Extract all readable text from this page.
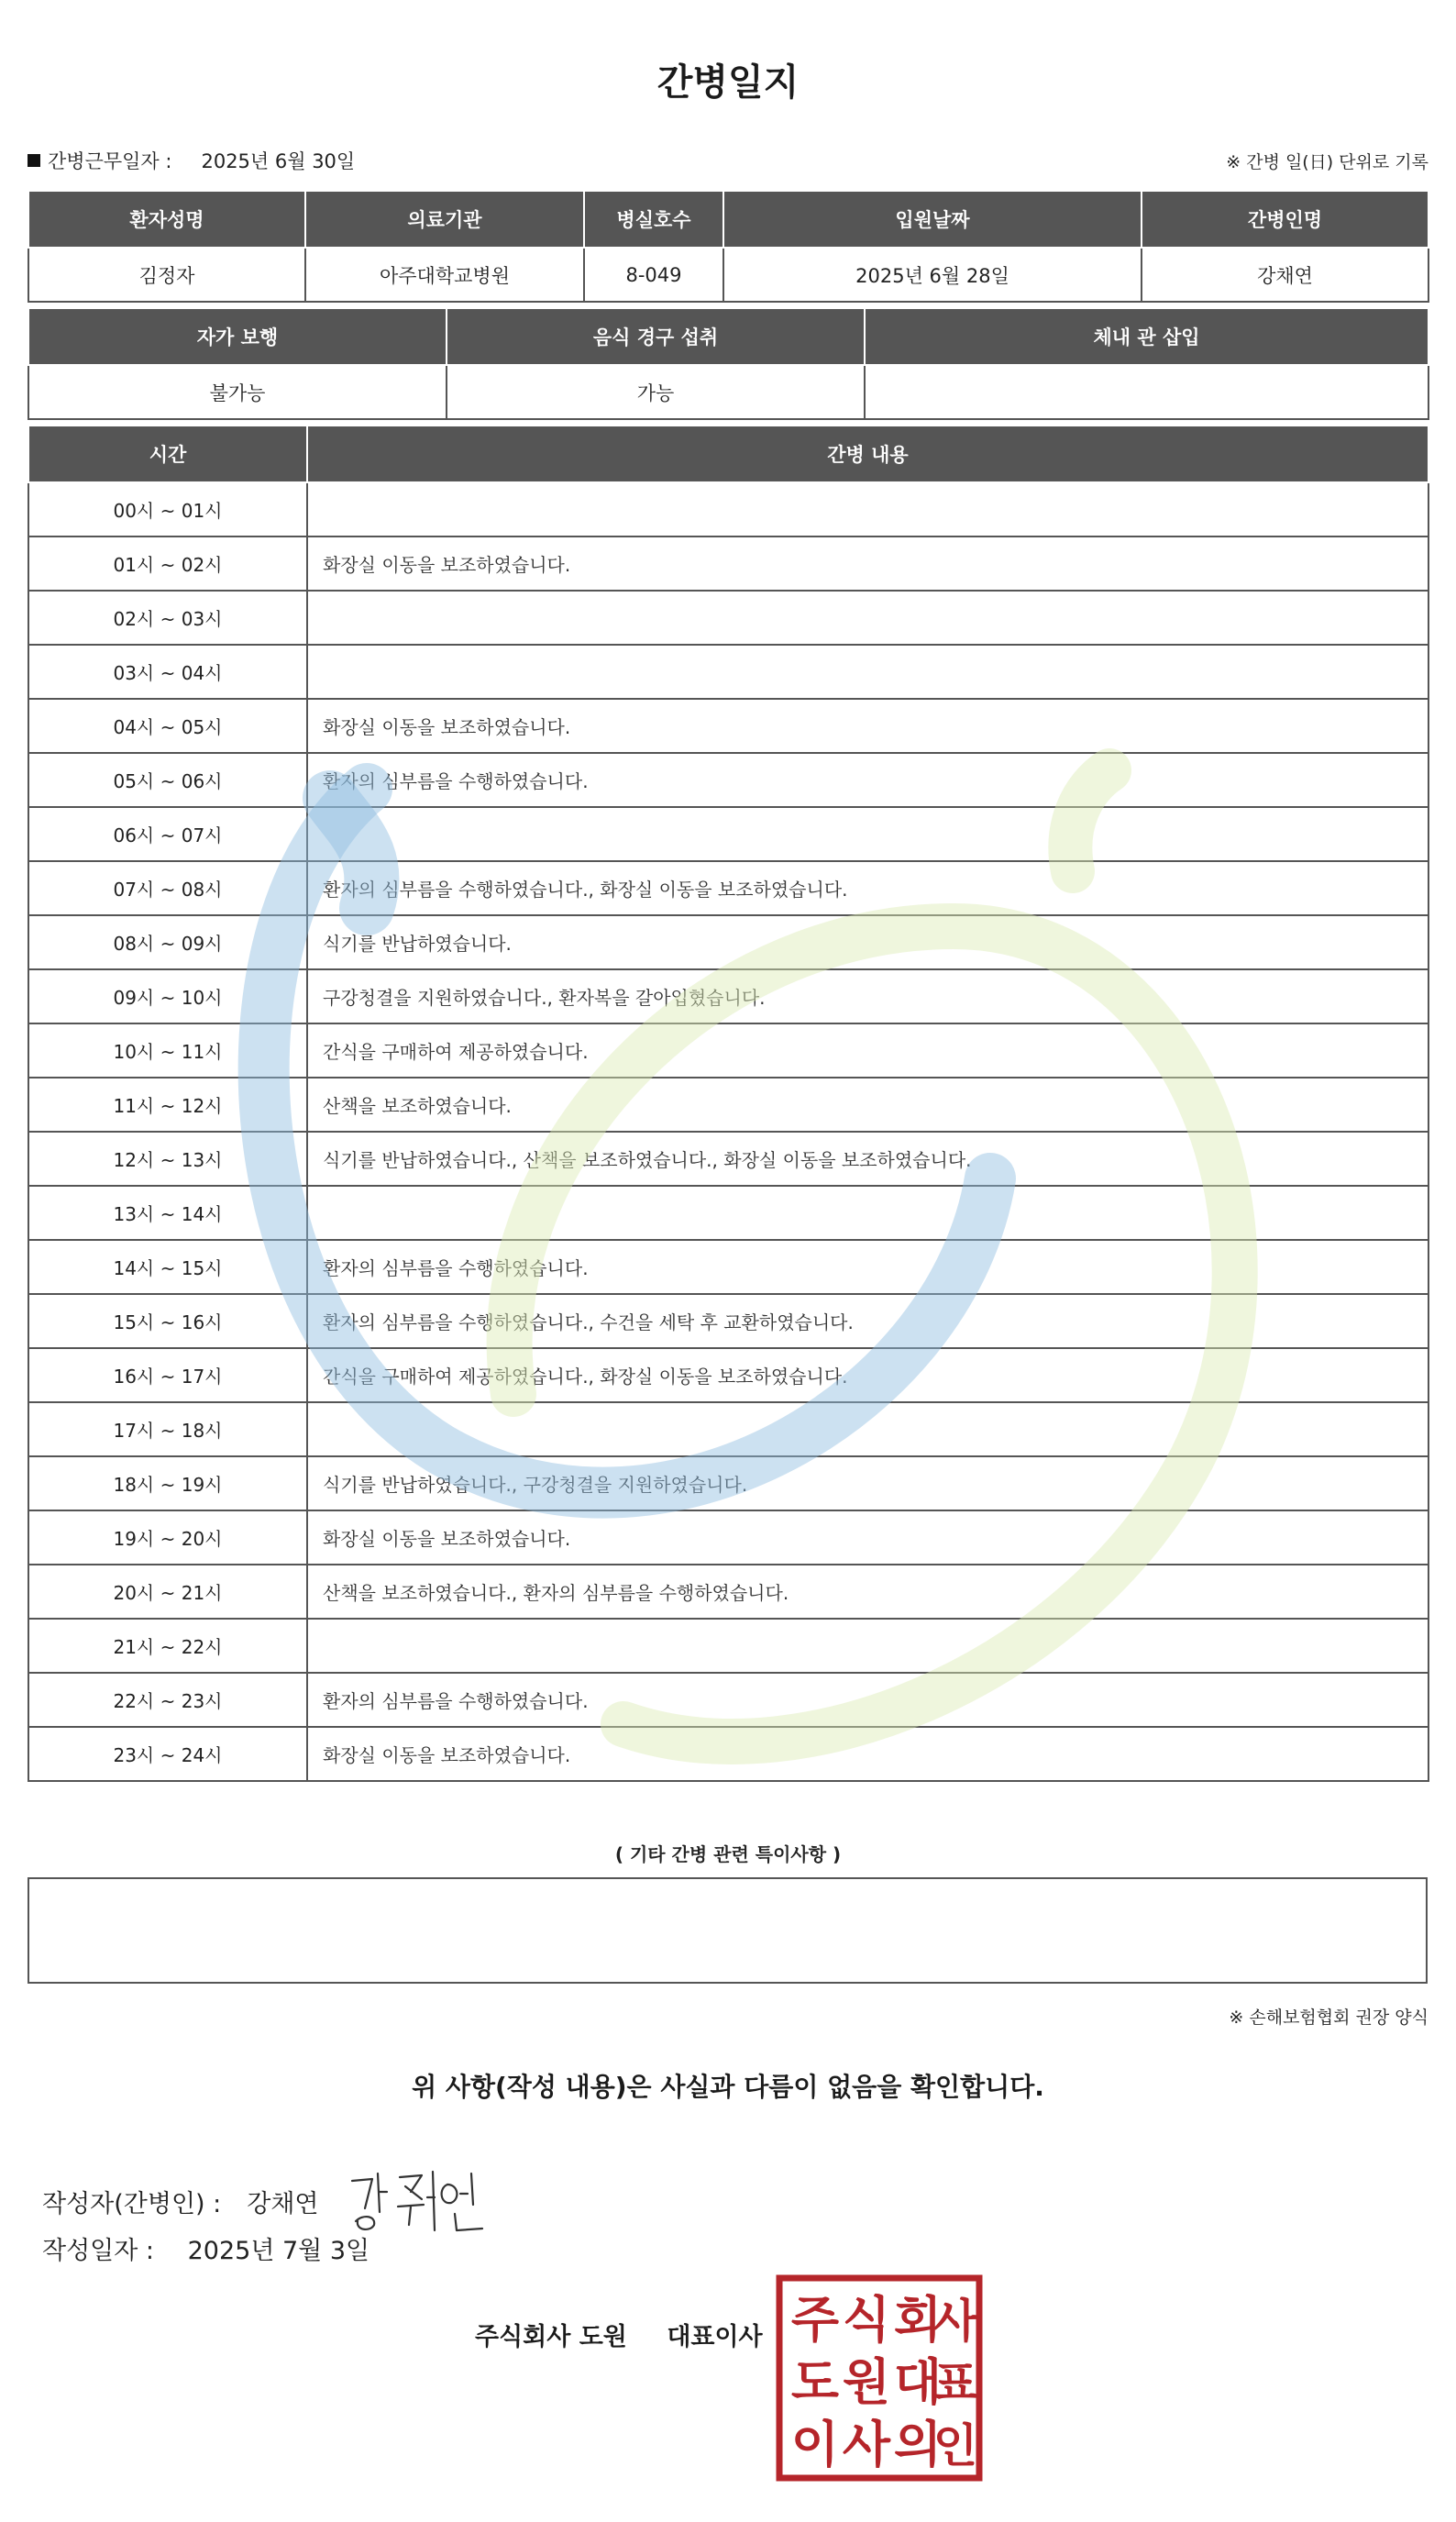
간병일지
간병근무일자 : 2025년 6월 30일	※ 간병 일(日) 단위로 기록
환자성명	의료기관	병실호수	입원날짜	간병인명
김정자	아주대학교병원	8-049	2025년 6월 28일	강채연
자가 보행	음식 경구 섭취	체내 관 삽입
불가능	가능	
시간	간병 내용
00시 ~ 01시	
01시 ~ 02시	화장실 이동을 보조하였습니다.
02시 ~ 03시	
03시 ~ 04시	
04시 ~ 05시	화장실 이동을 보조하였습니다.
05시 ~ 06시	환자의 심부름을 수행하였습니다.
06시 ~ 07시	
07시 ~ 08시	환자의 심부름을 수행하였습니다., 화장실 이동을 보조하였습니다.
08시 ~ 09시	식기를 반납하였습니다.
09시 ~ 10시	구강청결을 지원하였습니다., 환자복을 갈아입혔습니다.
10시 ~ 11시	간식을 구매하여 제공하였습니다.
11시 ~ 12시	산책을 보조하였습니다.
12시 ~ 13시	식기를 반납하였습니다., 산책을 보조하였습니다., 화장실 이동을 보조하였습니다.
13시 ~ 14시	
14시 ~ 15시	환자의 심부름을 수행하였습니다.
15시 ~ 16시	환자의 심부름을 수행하였습니다., 수건을 세탁 후 교환하였습니다.
16시 ~ 17시	간식을 구매하여 제공하였습니다., 화장실 이동을 보조하였습니다.
17시 ~ 18시	
18시 ~ 19시	식기를 반납하였습니다., 구강청결을 지원하였습니다.
19시 ~ 20시	화장실 이동을 보조하였습니다.
20시 ~ 21시	산책을 보조하였습니다., 환자의 심부름을 수행하였습니다.
21시 ~ 22시	
22시 ~ 23시	환자의 심부름을 수행하였습니다.
23시 ~ 24시	화장실 이동을 보조하였습니다.
( 기타 간병 관련 특이사항 )
※ 손해보험협회 권장 양식
위 사항(작성 내용)은 사실과 다름이 없음을 확인합니다.
작성자(간병인) : 강채연
작성일자 : 2025년 7월 3일
주식회사 도원 대표이사 주 식 회
사
도 원 대
표
이 사 의
인
